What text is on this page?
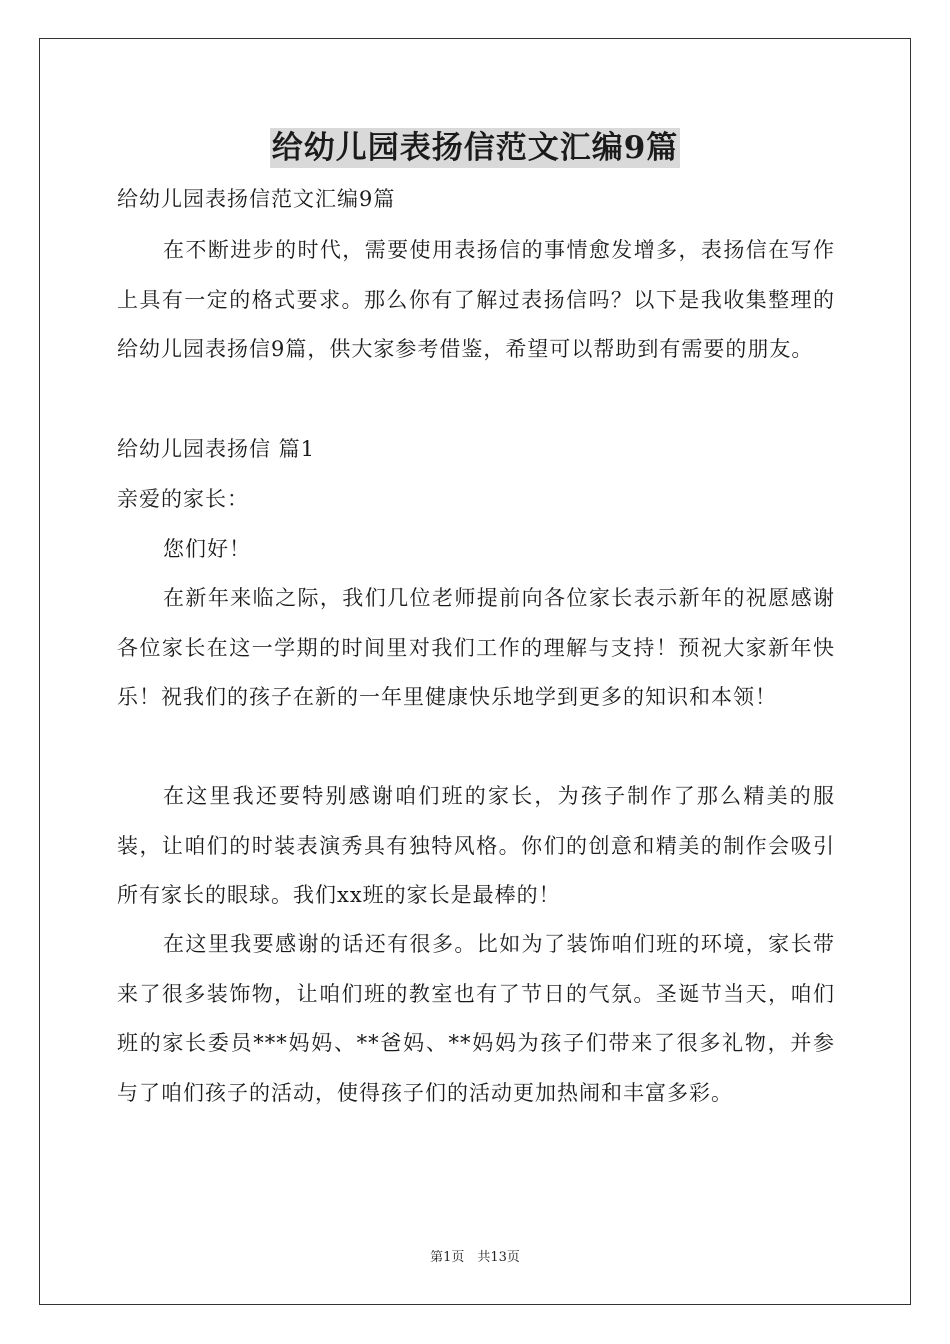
给幼儿园表扬信范文汇编9篇
给幼儿园表扬信范文汇编9篇
在不断进步的时代，需要使用表扬信的事情愈发增多，表扬信在写作上具有一定的格式要求。那么你有了解过表扬信吗？以下是我收集整理的给幼儿园表扬信9篇，供大家参考借鉴，希望可以帮助到有需要的朋友。
给幼儿园表扬信 篇1
亲爱的家长：
您们好！
在新年来临之际，我们几位老师提前向各位家长表示新年的祝愿感谢各位家长在这一学期的时间里对我们工作的理解与支持！预祝大家新年快乐！祝我们的孩子在新的一年里健康快乐地学到更多的知识和本领！
在这里我还要特别感谢咱们班的家长，为孩子制作了那么精美的服装，让咱们的时装表演秀具有独特风格。你们的创意和精美的制作会吸引所有家长的眼球。我们xx班的家长是最棒的！
在这里我要感谢的话还有很多。比如为了装饰咱们班的环境，家长带来了很多装饰物，让咱们班的教室也有了节日的气氛。圣诞节当天，咱们班的家长委员***妈妈、**爸妈、**妈妈为孩子们带来了很多礼物，并参与了咱们孩子的活动，使得孩子们的活动更加热闹和丰富多彩。
第1页　共13页
